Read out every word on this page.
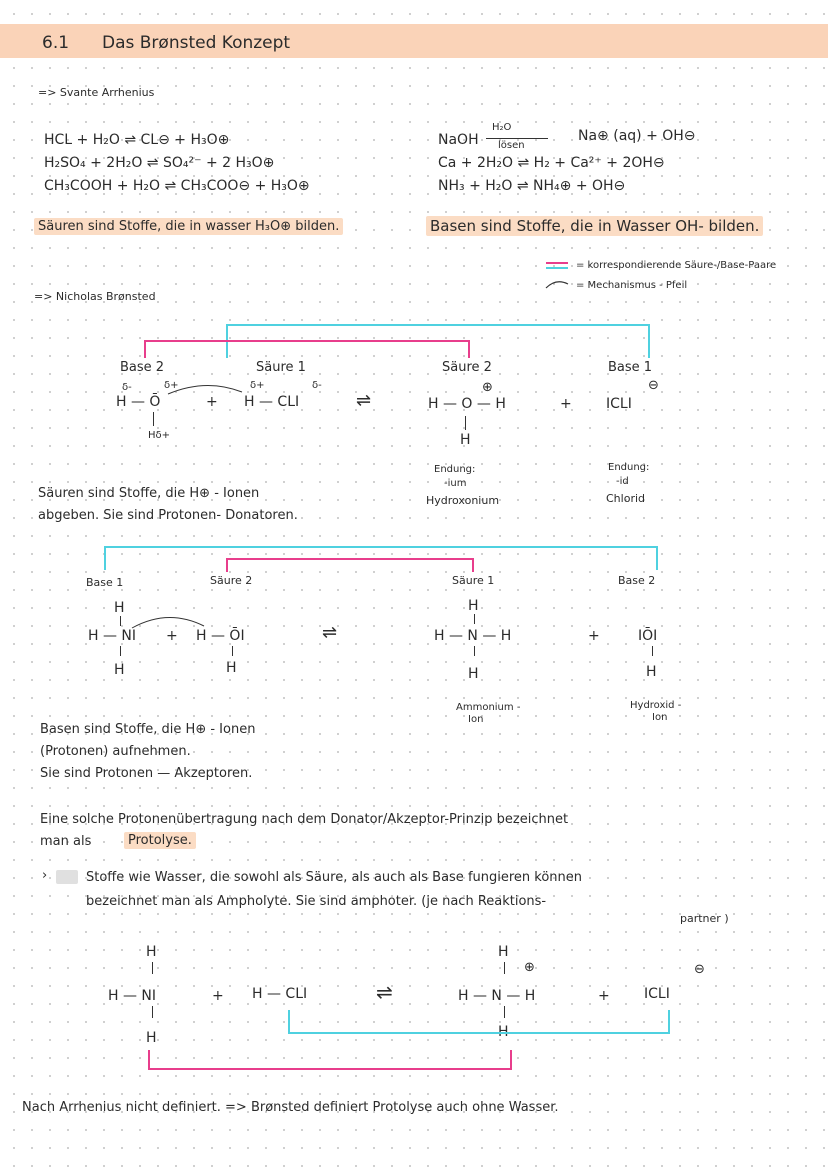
6.1 Das Brønsted Konzept
=> Svante Arrhenius
HCL + H₂O ⇌ CL⊖ + H₃O⊕
H₂SO₄ + 2H₂O ⇌ SO₄²⁻ + 2 H₃O⊕
CH₃COOH + H₂O ⇌ CH₃COO⊖ + H₃O⊕
NaOH
H₂O
lösen
Na⊕ (aq) + OH⊖
Ca + 2H₂O ⇌ H₂ + Ca²⁺ + 2OH⊖
NH₃ + H₂O ⇌ NH₄⊕ + OH⊖
Säuren sind Stoffe, die in wasser H₃O⊕ bilden.	Basen sind Stoffe, die in Wasser OH- bilden.
= korrespondierende Säure-/Base-Paare
= Mechanismus - Pfeil
=> Nicholas Brønsted
Base 2	Säure 1	Säure 2	Base 1
δ-	δ+
H — Ō
Hδ+
+
δ+	δ-
H — CLI	⇌
⊕
H — O — H
H
+
⊖
ICLI
Endung:
-ium
Hydroxonium
Endung:
-id
Chlorid
Säuren sind Stoffe, die H⊕ - Ionen
abgeben. Sie sind Protonen- Donatoren.
Base 1	Säure 2	Säure 1	Base 2
H
H — NI
H
+ H — ŌI
H
⇌
H
H — N — H
H
+	IŌI
H
Ammonium -
Ion
Hydroxid -
Ion
Basen sind Stoffe, die H⊕ - Ionen
(Protonen) aufnehmen.
Sie sind Protonen — Akzeptoren.
Eine solche Protonenübertragung nach dem Donator/Akzeptor-Prinzip bezeichnet
man als	Protolyse.
›	Stoffe wie Wasser, die sowohl als Säure, als auch als Base fungieren können
bezeichnet man als Ampholyte. Sie sind amphoter. (je nach Reaktions-
partner )
H
H — NI
H
+ H — CLI	⇌
H
⊕
H — N — H
H
+
⊖
ICLI
Nach Arrhenius nicht definiert. => Brønsted definiert Protolyse auch ohne Wasser.
